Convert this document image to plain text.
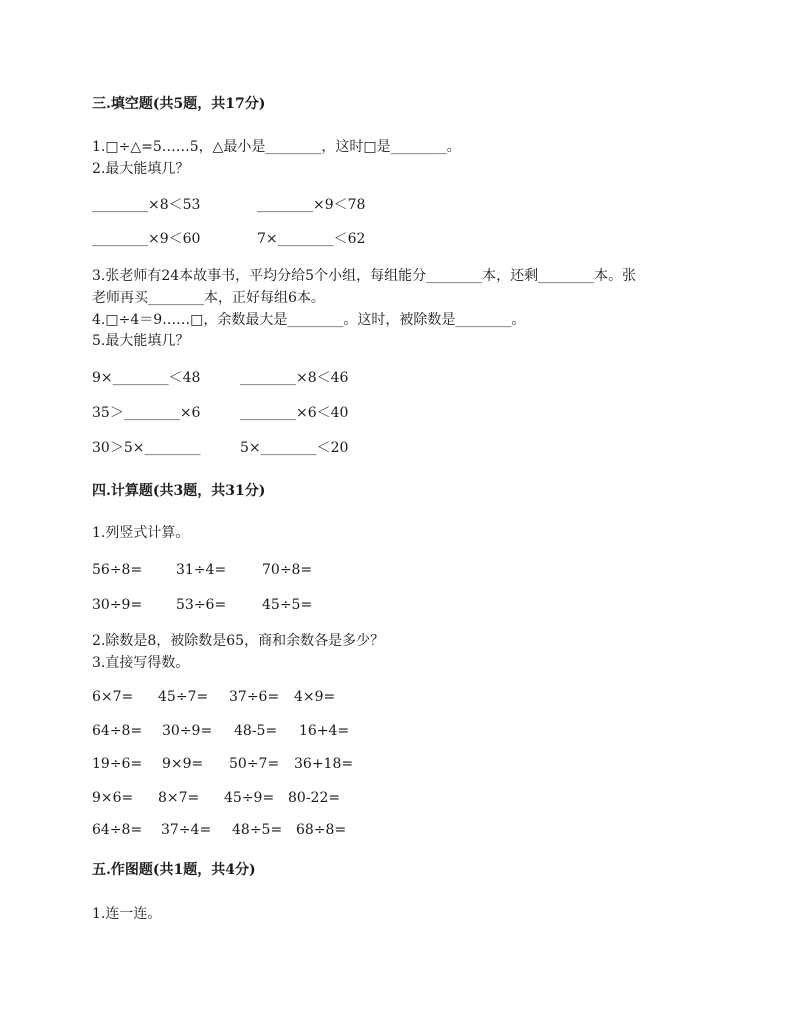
三.填空题(共5题，共17分)
1.□÷△=5……5，△最小是________，这时□是________。
2.最大能填几？
________×8＜53	________×9＜78
________×9＜60	7×________＜62
3.张老师有24本故事书，平均分给5个小组，每组能分________本，还剩________本。张
老师再买________本，正好每组6本。
4.□÷4＝9……□，余数最大是________。这时，被除数是________。
5.最大能填几？
9×________＜48	________×8＜46
35＞________×6	________×6＜40
30＞5×________	5×________＜20
四.计算题(共3题，共31分)
1.列竖式计算。
56÷8= 31÷4=	70÷8=
30÷9= 53÷6=	45÷5=
2.除数是8，被除数是65，商和余数各是多少？
3.直接写得数。
6×7= 45÷7= 37÷6= 4×9=
64÷8= 30÷9= 48-5= 16+4=
19÷6= 9×9= 50÷7= 36+18=
9×6= 8×7= 45÷9= 80-22=
64÷8= 37÷4= 48÷5= 68÷8=
五.作图题(共1题，共4分)
1.连一连。
